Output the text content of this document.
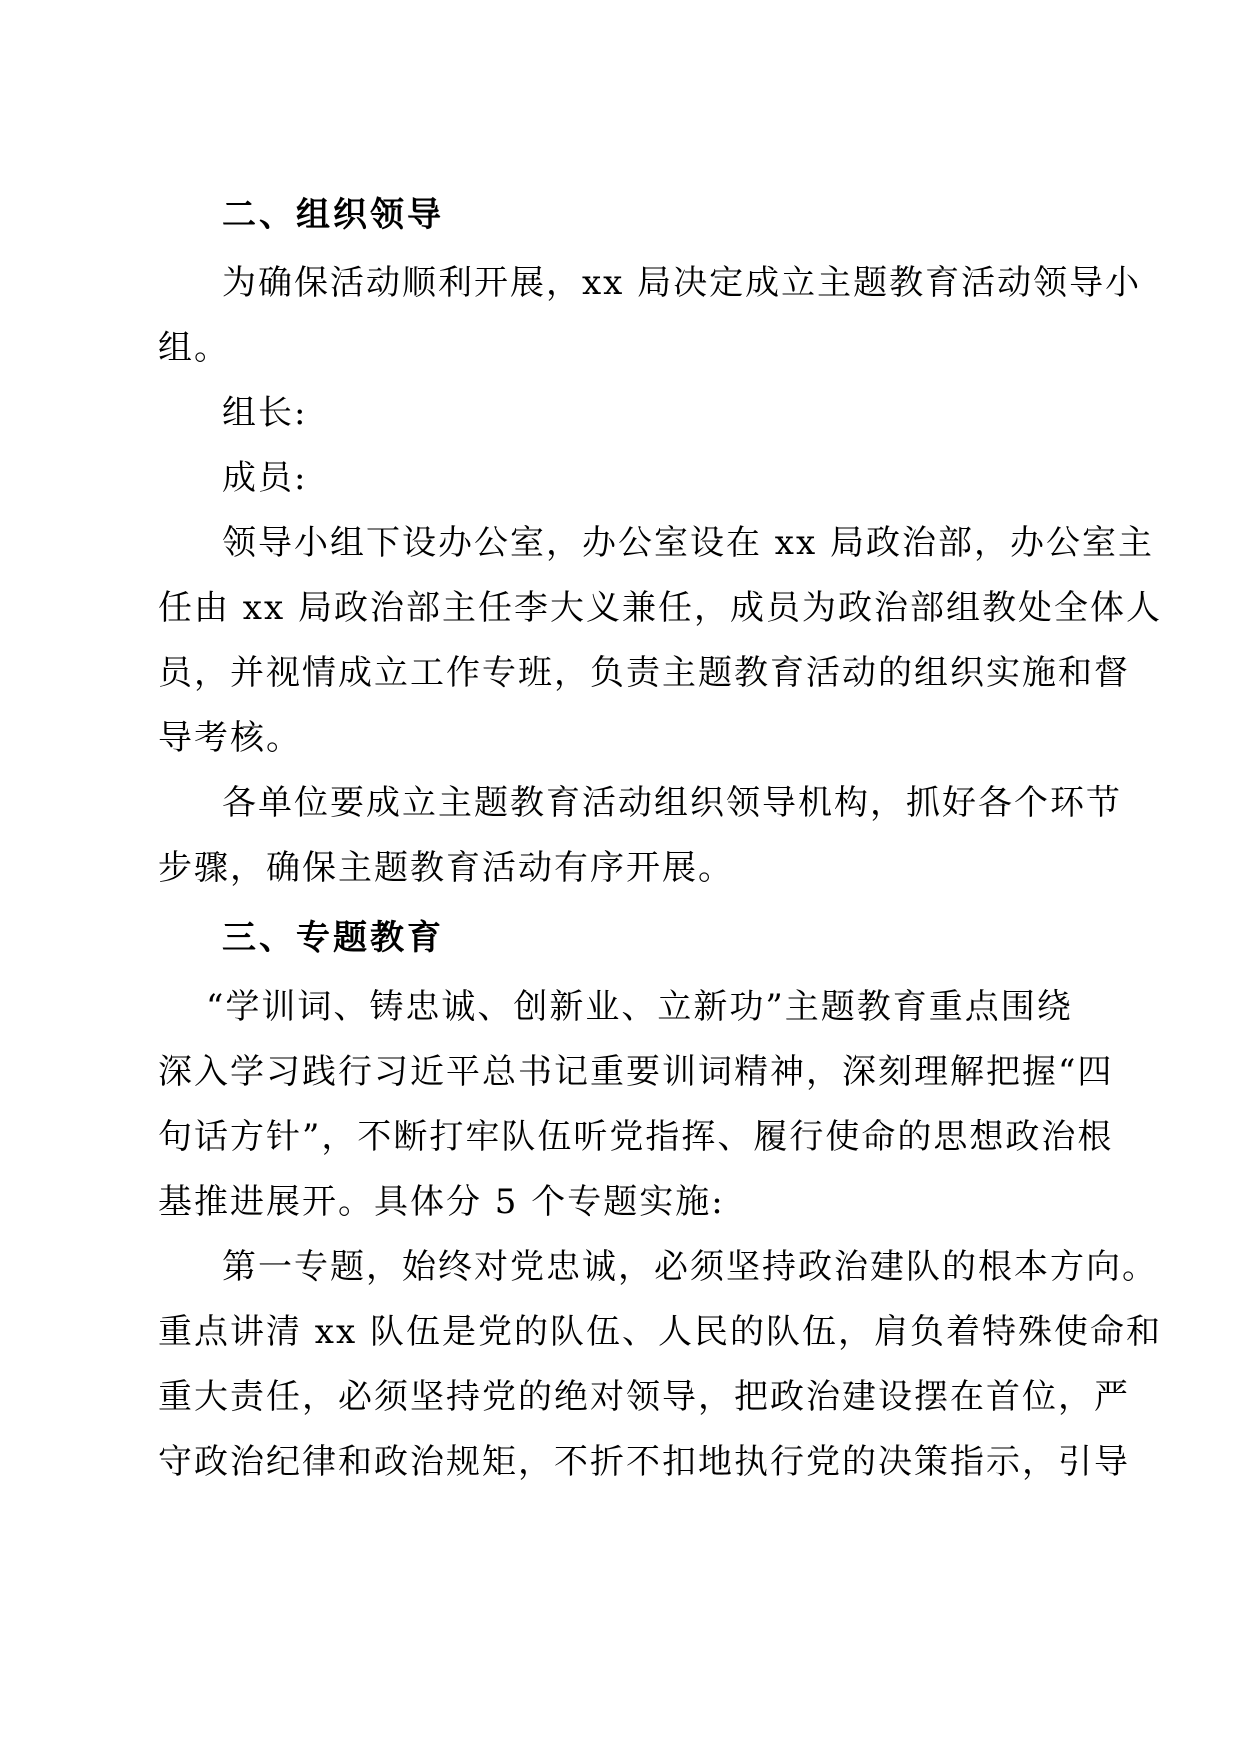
二、组织领导
为确保活动顺利开展，xx 局决定成立主题教育活动领导小
组。
组长:
成员:
领导小组下设办公室，办公室设在 xx 局政治部，办公室主
任由 xx 局政治部主任李大义兼任，成员为政治部组教处全体人
员，并视情成立工作专班，负责主题教育活动的组织实施和督
导考核。
各单位要成立主题教育活动组织领导机构，抓好各个环节
步骤，确保主题教育活动有序开展。
三、专题教育
“学训词、铸忠诚、创新业、立新功”主题教育重点围绕
深入学习践行习近平总书记重要训词精神，深刻理解把握“四
句话方针”，不断打牢队伍听党指挥、履行使命的思想政治根
基推进展开。具体分 5 个专题实施:
第一专题，始终对党忠诚，必须坚持政治建队的根本方向。
重点讲清 xx 队伍是党的队伍、人民的队伍，肩负着特殊使命和
重大责任，必须坚持党的绝对领导，把政治建设摆在首位，严
守政治纪律和政治规矩，不折不扣地执行党的决策指示，引导
